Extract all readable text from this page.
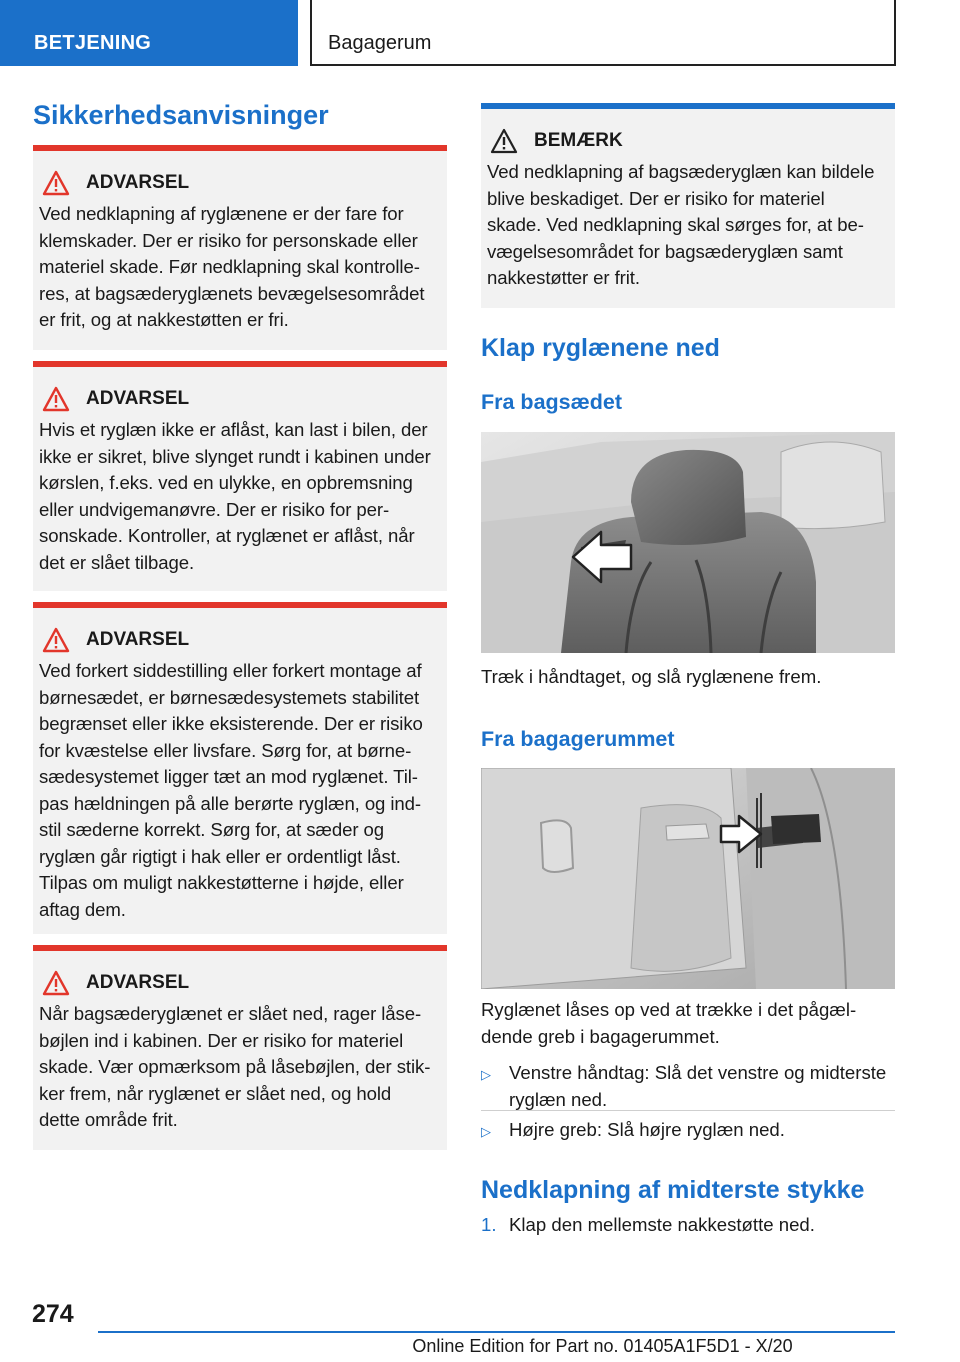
BETJENING	Bagagerum
Sikkerhedsanvisninger
ADVARSEL
Ved nedklapning af ryglænene er der fare for klemskader. Der er risiko for personskade eller materiel skade. Før nedklapning skal kontrolleres, at bagsæderyglænets bevægelsesområdet er frit, og at nakkestøtten er fri.
ADVARSEL
Hvis et ryglæn ikke er aflåst, kan last i bilen, der ikke er sikret, blive slynget rundt i kabinen under kørslen, f.eks. ved en ulykke, en opbremsning eller undvigemanøvre. Der er risiko for personskade. Kontroller, at ryglænet er aflåst, når det er slået tilbage.
ADVARSEL
Ved forkert siddestilling eller forkert montage af børnesædet, er børnesædesystemets stabilitet begrænset eller ikke eksisterende. Der er risiko for kvæstelse eller livsfare. Sørg for, at børnesædesystemet ligger tæt an mod ryglænet. Tilpas hældningen på alle berørte ryglæn, og indstil sæderne korrekt. Sørg for, at sæder og ryglæn går rigtigt i hak eller er ordentligt låst. Tilpas om muligt nakkestøtterne i højde, eller aftag dem.
ADVARSEL
Når bagsæderyglænet er slået ned, rager låsebøjlen ind i kabinen. Der er risiko for materiel skade. Vær opmærksom på låsebøjlen, der stikker frem, når ryglænet er slået ned, og hold dette område frit.
BEMÆRK
Ved nedklapning af bagsæderyglæn kan bildele blive beskadiget. Der er risiko for materiel skade. Ved nedklapning skal sørges for, at bevægelsesområdet for bagsæderyglæn samt nakkestøtter er frit.
Klap ryglænene ned
Fra bagsædet
Træk i håndtaget, og slå ryglænene frem.
Fra bagagerummet
Ryglænet låses op ved at trække i det pågældende greb i bagagerummet.
▷ Venstre håndtag: Slå det venstre og midterste ryglæn ned.
▷ Højre greb: Slå højre ryglæn ned.
Nedklapning af midterste stykke
1. Klap den mellemste nakkestøtte ned.
274
Online Edition for Part no. 01405A1F5D1 - X/20
